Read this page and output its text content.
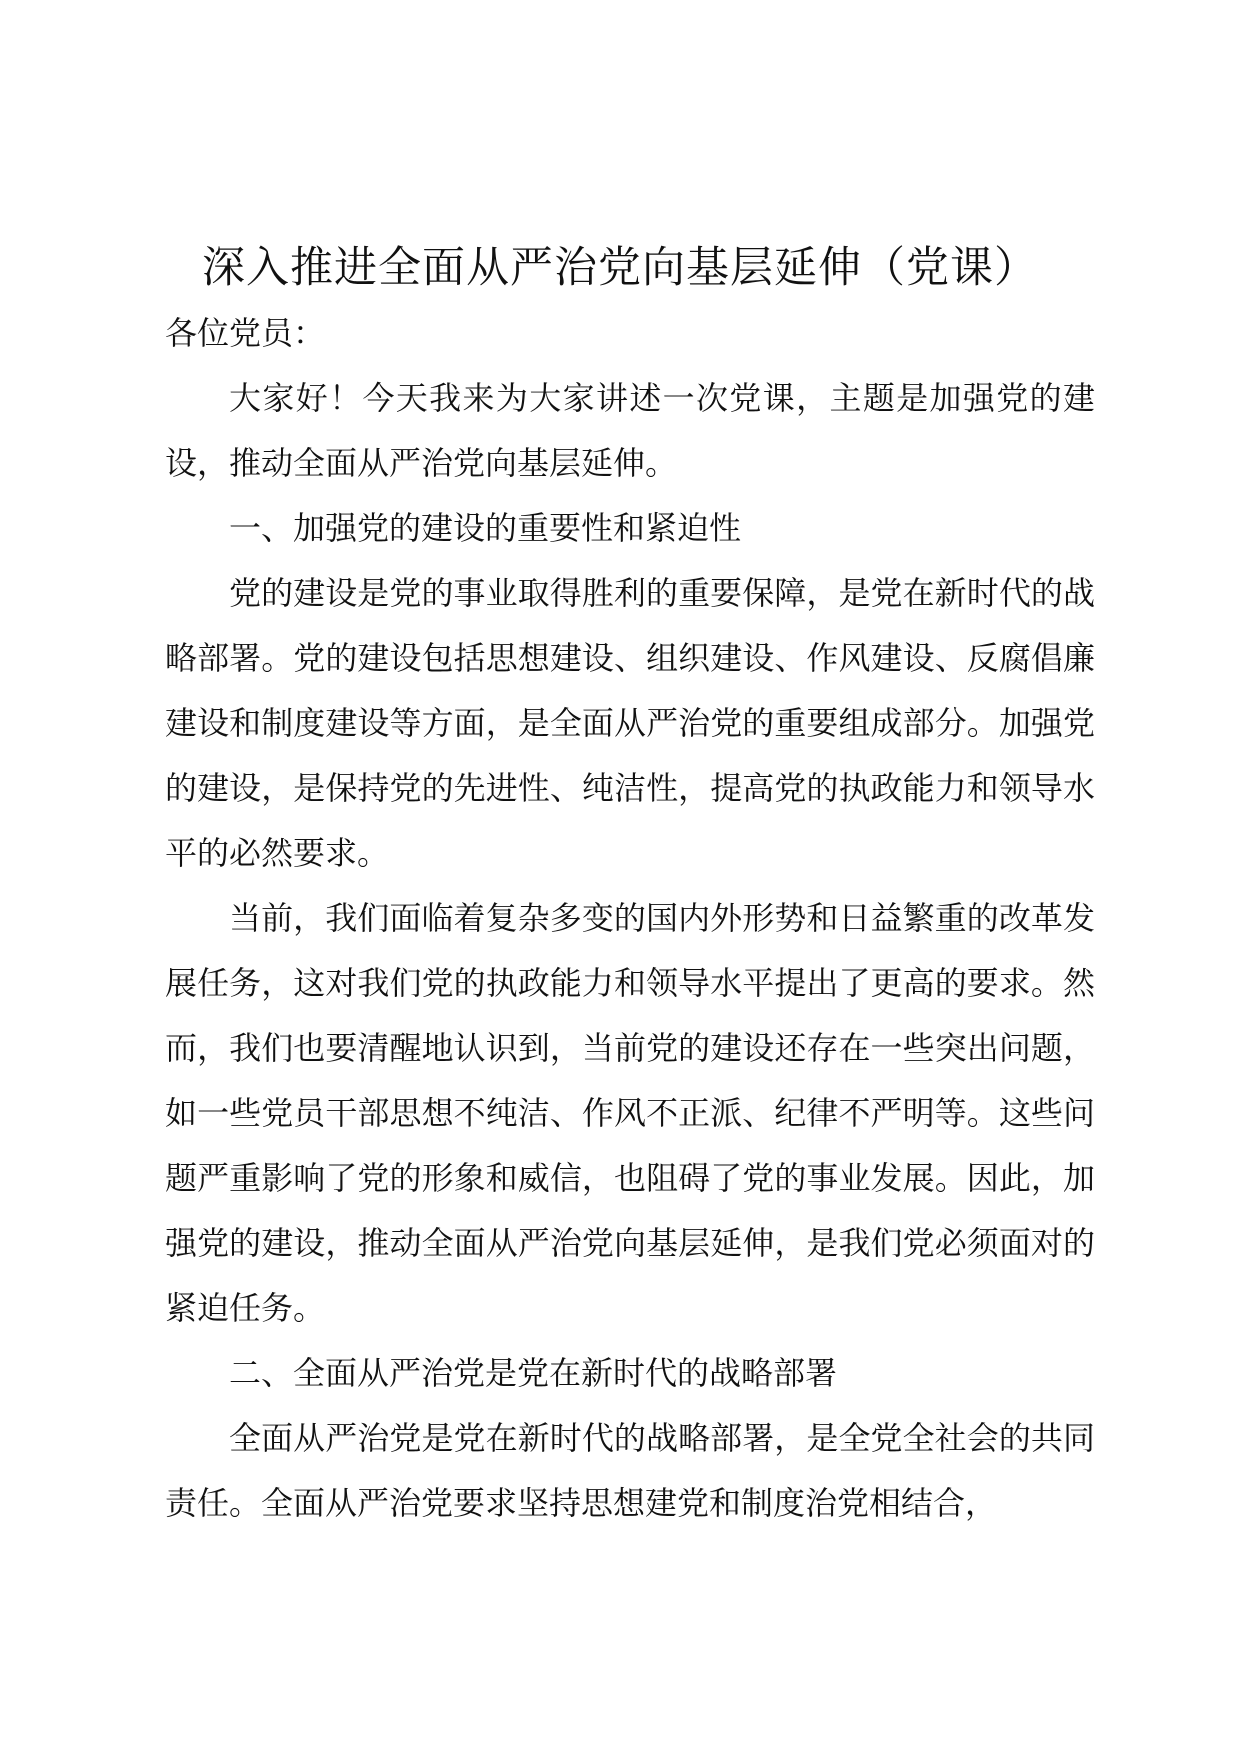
深入推进全面从严治党向基层延伸（党课）

各位党员：

大家好！今天我来为大家讲述一次党课，主题是加强党的建设，推动全面从严治党向基层延伸。

一、加强党的建设的重要性和紧迫性

党的建设是党的事业取得胜利的重要保障，是党在新时代的战略部署。党的建设包括思想建设、组织建设、作风建设、反腐倡廉建设和制度建设等方面，是全面从严治党的重要组成部分。加强党的建设，是保持党的先进性、纯洁性，提高党的执政能力和领导水平的必然要求。

当前，我们面临着复杂多变的国内外形势和日益繁重的改革发展任务，这对我们党的执政能力和领导水平提出了更高的要求。然而，我们也要清醒地认识到，当前党的建设还存在一些突出问题，如一些党员干部思想不纯洁、作风不正派、纪律不严明等。这些问题严重影响了党的形象和威信，也阻碍了党的事业发展。因此，加强党的建设，推动全面从严治党向基层延伸，是我们党必须面对的紧迫任务。

二、全面从严治党是党在新时代的战略部署

全面从严治党是党在新时代的战略部署，是全党全社会的共同责任。全面从严治党要求坚持思想建党和制度治党相结合，
